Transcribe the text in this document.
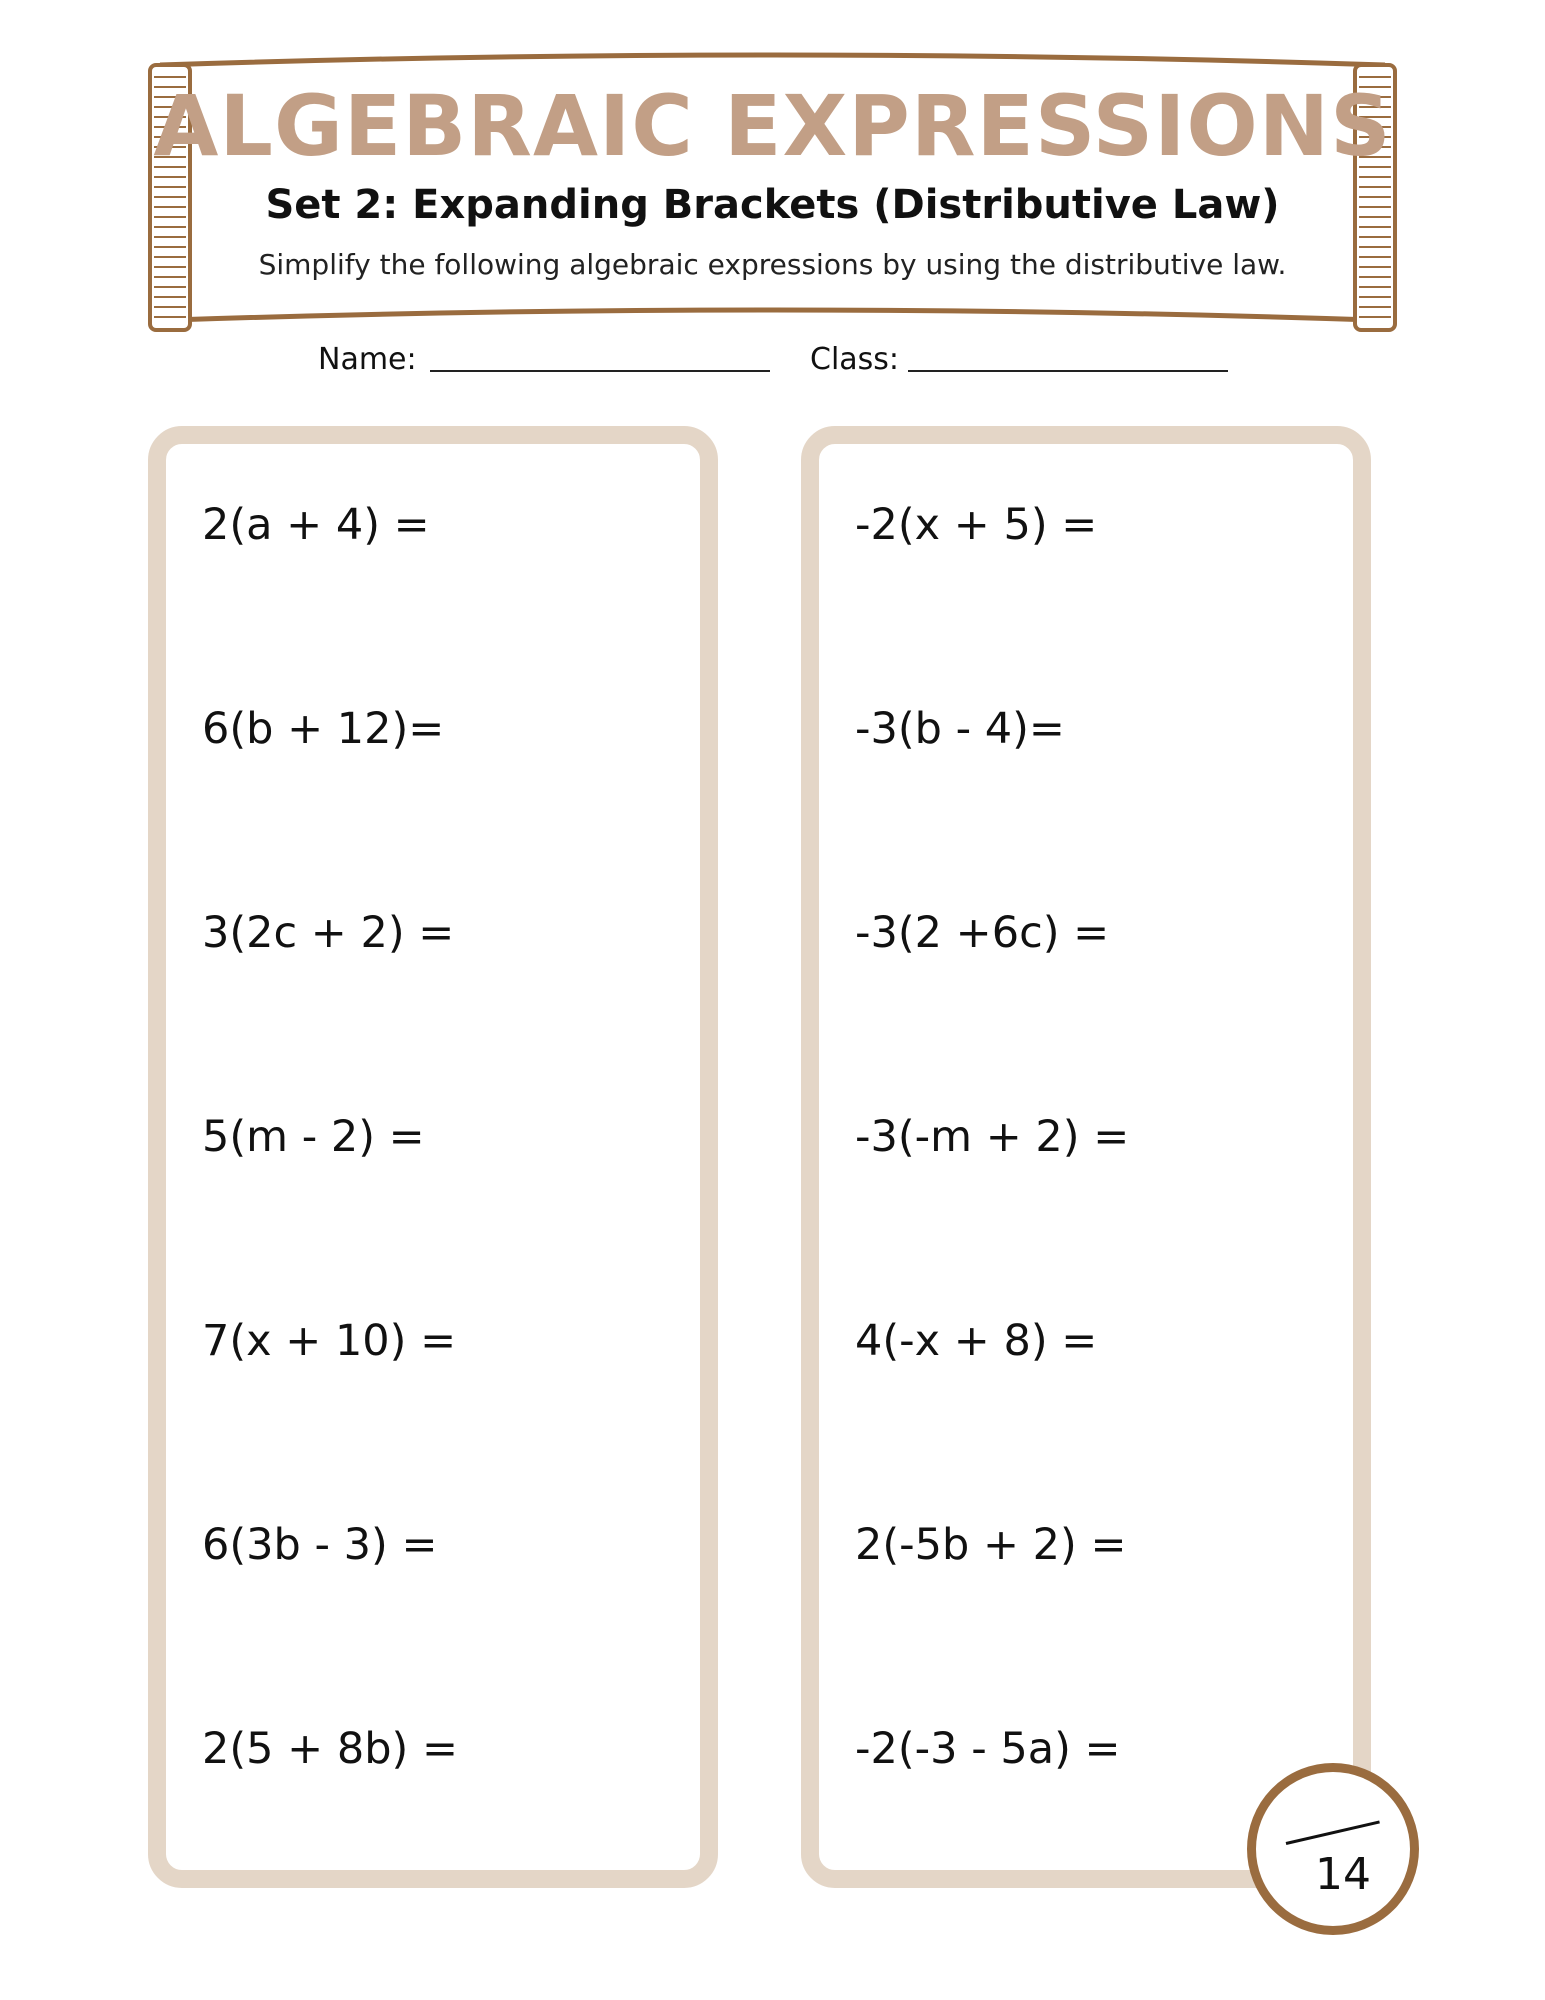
ALGEBRAIC EXPRESSIONS
Set 2: Expanding Brackets (Distributive Law)
Simplify the following algebraic expressions by using the distributive law.
Name:	Class:
2(a + 4) =
6(b + 12)=
3(2c + 2) =
5(m - 2) =
7(x + 10) =
6(3b - 3) =
2(5 + 8b) =
-2(x + 5) =
-3(b - 4)=
-3(2 +6c) =
-3(-m + 2) =
4(-x + 8) =
2(-5b + 2) =
-2(-3 - 5a) =
14
